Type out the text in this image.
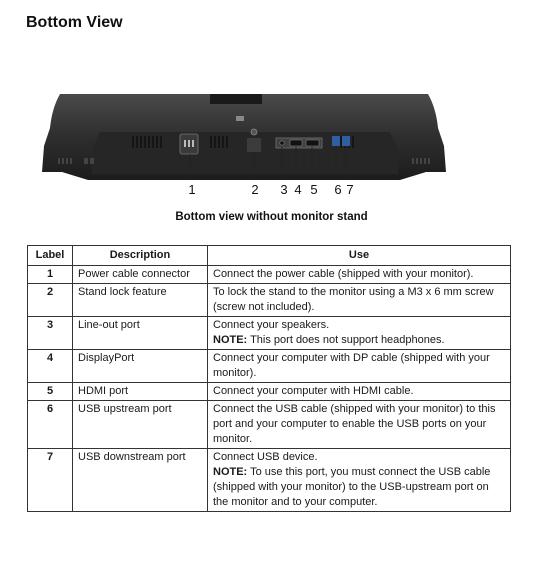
Bottom View
1	2	3 4 5	6 7
Bottom view without monitor stand
Label	Description	Use
1	Power cable connector	Connect the power cable (shipped with your monitor).
2	Stand lock feature	To lock the stand to the monitor using a M3 x 6 mm screw (screw not included).
3	Line-out port	Connect your speakers.
NOTE: This port does not support headphones.

4	DisplayPort	Connect your computer with DP cable (shipped with your monitor).
5	HDMI port	Connect your computer with HDMI cable.
6	USB upstream port	Connect the USB cable (shipped with your monitor) to this port and your computer to enable the USB ports on your monitor.
7	USB downstream port	Connect USB device.
NOTE: To use this port, you must connect the USB cable (shipped with your monitor) to the USB-upstream port on the monitor and to your computer.
